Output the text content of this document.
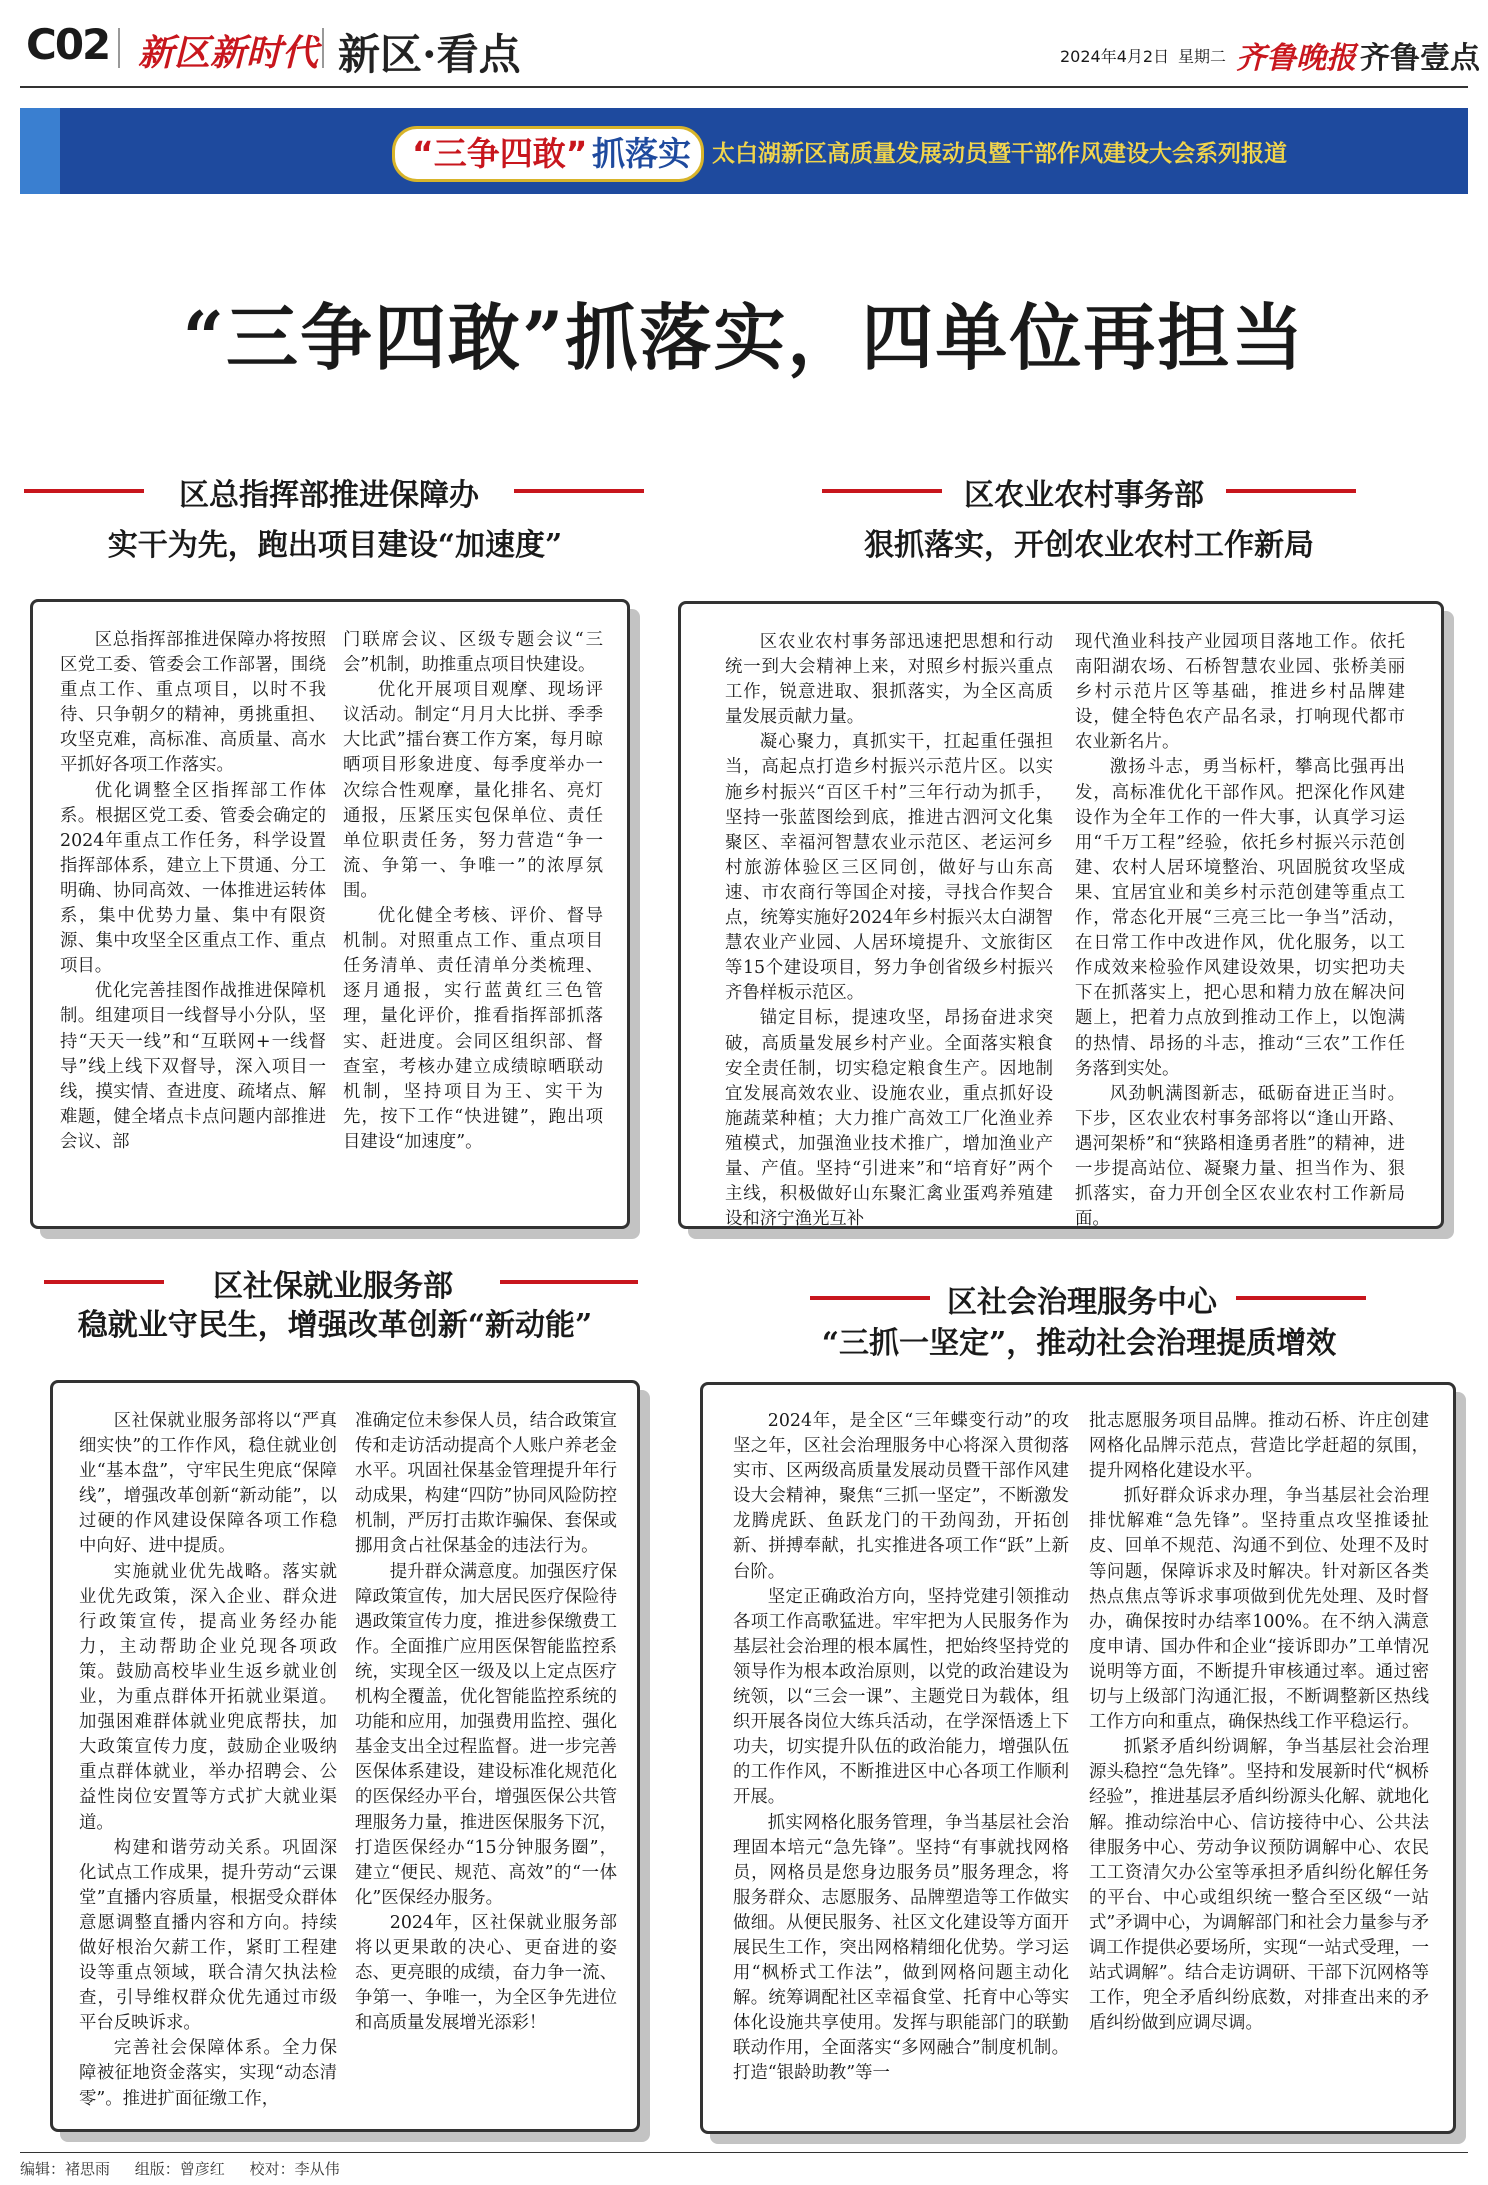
C02 新区新时代 新区·看点	2024年4月2日 星期二 齐鲁晚报 齐鲁壹点
“三争四敢” 抓落实 太白湖新区高质量发展动员暨干部作风建设大会系列报道
“三争四敢”抓落实，四单位再担当
区总指挥部推进保障办
实干为先，跑出项目建设“加速度”

区总指挥部推进保障办将按照区党工委、管委会工作部署，围绕重点工作、重点项目，以时不我待、只争朝夕的精神，勇挑重担、攻坚克难，高标准、高质量、高水平抓好各项工作落实。

优化调整全区指挥部工作体系。根据区党工委、管委会确定的2024年重点工作任务，科学设置指挥部体系，建立上下贯通、分工明确、协同高效、一体推进运转体系，集中优势力量、集中有限资源、集中攻坚全区重点工作、重点项目。

优化完善挂图作战推进保障机制。组建项目一线督导小分队，坚持“天天一线”和“互联网+一线督导”线上线下双督导，深入项目一线，摸实情、查进度、疏堵点、解难题，健全堵点卡点问题内部推进会议、部

门联席会议、区级专题会议“三会”机制，助推重点项目快建设。

优化开展项目观摩、现场评议活动。制定“月月大比拼、季季大比武”擂台赛工作方案，每月晾晒项目形象进度、每季度举办一次综合性观摩，量化排名、亮灯通报，压紧压实包保单位、责任单位职责任务，努力营造“争一流、争第一、争唯一”的浓厚氛围。

优化健全考核、评价、督导机制。对照重点工作、重点项目任务清单、责任清单分类梳理、逐月通报，实行蓝黄红三色管理，量化评价，推看指挥部抓落实、赶进度。会同区组织部、督查室，考核办建立成绩晾晒联动机制，坚持项目为王、实干为先，按下工作“快进键”，跑出项目建设“加速度”。

区农业农村事务部
狠抓落实，开创农业农村工作新局

区农业农村事务部迅速把思想和行动统一到大会精神上来，对照乡村振兴重点工作，锐意进取、狠抓落实，为全区高质量发展贡献力量。

凝心聚力，真抓实干，扛起重任强担当，高起点打造乡村振兴示范片区。以实施乡村振兴“百区千村”三年行动为抓手，坚持一张蓝图绘到底，推进古泗河文化集聚区、幸福河智慧农业示范区、老运河乡村旅游体验区三区同创，做好与山东高速、市农商行等国企对接，寻找合作契合点，统筹实施好2024年乡村振兴太白湖智慧农业产业园、人居环境提升、文旅街区等15个建设项目，努力争创省级乡村振兴齐鲁样板示范区。

锚定目标，提速攻坚，昂扬奋进求突破，高质量发展乡村产业。全面落实粮食安全责任制，切实稳定粮食生产。因地制宜发展高效农业、设施农业，重点抓好设施蔬菜种植；大力推广高效工厂化渔业养殖模式，加强渔业技术推广，增加渔业产量、产值。坚持“引进来”和“培育好”两个主线，积极做好山东聚汇禽业蛋鸡养殖建设和济宁渔光互补

现代渔业科技产业园项目落地工作。依托南阳湖农场、石桥智慧农业园、张桥美丽乡村示范片区等基础，推进乡村品牌建设，健全特色农产品名录，打响现代都市农业新名片。

激扬斗志，勇当标杆，攀高比强再出发，高标准优化干部作风。把深化作风建设作为全年工作的一件大事，认真学习运用“千万工程”经验，依托乡村振兴示范创建、农村人居环境整治、巩固脱贫攻坚成果、宜居宜业和美乡村示范创建等重点工作，常态化开展“三亮三比一争当”活动，在日常工作中改进作风，优化服务，以工作成效来检验作风建设效果，切实把功夫下在抓落实上，把心思和精力放在解决问题上，把着力点放到推动工作上，以饱满的热情、昂扬的斗志，推动“三农”工作任务落到实处。

风劲帆满图新志，砥砺奋进正当时。下步，区农业农村事务部将以“逢山开路、遇河架桥”和“狭路相逢勇者胜”的精神，进一步提高站位、凝聚力量、担当作为、狠抓落实，奋力开创全区农业农村工作新局面。

区社保就业服务部
稳就业守民生，增强改革创新“新动能”

区社保就业服务部将以“严真细实快”的工作作风，稳住就业创业“基本盘”，守牢民生兜底“保障线”，增强改革创新“新动能”，以过硬的作风建设保障各项工作稳中向好、进中提质。

实施就业优先战略。落实就业优先政策，深入企业、群众进行政策宣传，提高业务经办能力，主动帮助企业兑现各项政策。鼓励高校毕业生返乡就业创业，为重点群体开拓就业渠道。加强困难群体就业兜底帮扶，加大政策宣传力度，鼓励企业吸纳重点群体就业，举办招聘会、公益性岗位安置等方式扩大就业渠道。

构建和谐劳动关系。巩固深化试点工作成果，提升劳动“云课堂”直播内容质量，根据受众群体意愿调整直播内容和方向。持续做好根治欠薪工作，紧盯工程建设等重点领域，联合清欠执法检查，引导维权群众优先通过市级平台反映诉求。

完善社会保障体系。全力保障被征地资金落实，实现“动态清零”。推进扩面征缴工作，

准确定位未参保人员，结合政策宣传和走访活动提高个人账户养老金水平。巩固社保基金管理提升年行动成果，构建“四防”协同风险防控机制，严厉打击欺诈骗保、套保或挪用贪占社保基金的违法行为。

提升群众满意度。加强医疗保障政策宣传，加大居民医疗保险待遇政策宣传力度，推进参保缴费工作。全面推广应用医保智能监控系统，实现全区一级及以上定点医疗机构全覆盖，优化智能监控系统的功能和应用，加强费用监控、强化基金支出全过程监督。进一步完善医保体系建设，建设标准化规范化的医保经办平台，增强医保公共管理服务力量，推进医保服务下沉，打造医保经办“15分钟服务圈”，建立“便民、规范、高效”的“一体化”医保经办服务。

2024年，区社保就业服务部将以更果敢的决心、更奋进的姿态、更亮眼的成绩，奋力争一流、争第一、争唯一，为全区争先进位和高质量发展增光添彩！

区社会治理服务中心
“三抓一坚定”，推动社会治理提质增效

2024年，是全区“三年蝶变行动”的攻坚之年，区社会治理服务中心将深入贯彻落实市、区两级高质量发展动员暨干部作风建设大会精神，聚焦“三抓一坚定”，不断激发龙腾虎跃、鱼跃龙门的干劲闯劲，开拓创新、拼搏奉献，扎实推进各项工作“跃”上新台阶。

坚定正确政治方向，坚持党建引领推动各项工作高歌猛进。牢牢把为人民服务作为基层社会治理的根本属性，把始终坚持党的领导作为根本政治原则，以党的政治建设为统领，以“三会一课”、主题党日为载体，组织开展各岗位大练兵活动，在学深悟透上下功夫，切实提升队伍的政治能力，增强队伍的工作作风，不断推进区中心各项工作顺利开展。

抓实网格化服务管理，争当基层社会治理固本培元“急先锋”。坚持“有事就找网格员，网格员是您身边服务员”服务理念，将服务群众、志愿服务、品牌塑造等工作做实做细。从便民服务、社区文化建设等方面开展民生工作，突出网格精细化优势。学习运用“枫桥式工作法”，做到网格问题主动化解。统筹调配社区幸福食堂、托育中心等实体化设施共享使用。发挥与职能部门的联勤联动作用，全面落实“多网融合”制度机制。打造“银龄助教”等一

批志愿服务项目品牌。推动石桥、许庄创建网格化品牌示范点，营造比学赶超的氛围，提升网格化建设水平。

抓好群众诉求办理，争当基层社会治理排忧解难“急先锋”。坚持重点攻坚推诿扯皮、回单不规范、沟通不到位、处理不及时等问题，保障诉求及时解决。针对新区各类热点焦点等诉求事项做到优先处理、及时督办，确保按时办结率100%。在不纳入满意度申请、国办件和企业“接诉即办”工单情况说明等方面，不断提升审核通过率。通过密切与上级部门沟通汇报，不断调整新区热线工作方向和重点，确保热线工作平稳运行。

抓紧矛盾纠纷调解，争当基层社会治理源头稳控“急先锋”。坚持和发展新时代“枫桥经验”，推进基层矛盾纠纷源头化解、就地化解。推动综治中心、信访接待中心、公共法律服务中心、劳动争议预防调解中心、农民工工资清欠办公室等承担矛盾纠纷化解任务的平台、中心或组织统一整合至区级“一站式”矛调中心，为调解部门和社会力量参与矛调工作提供必要场所，实现“一站式受理，一站式调解”。结合走访调研、干部下沉网格等工作，兜全矛盾纠纷底数，对排查出来的矛盾纠纷做到应调尽调。

编辑：褚思雨 组版：曾彦红 校对：李从伟
